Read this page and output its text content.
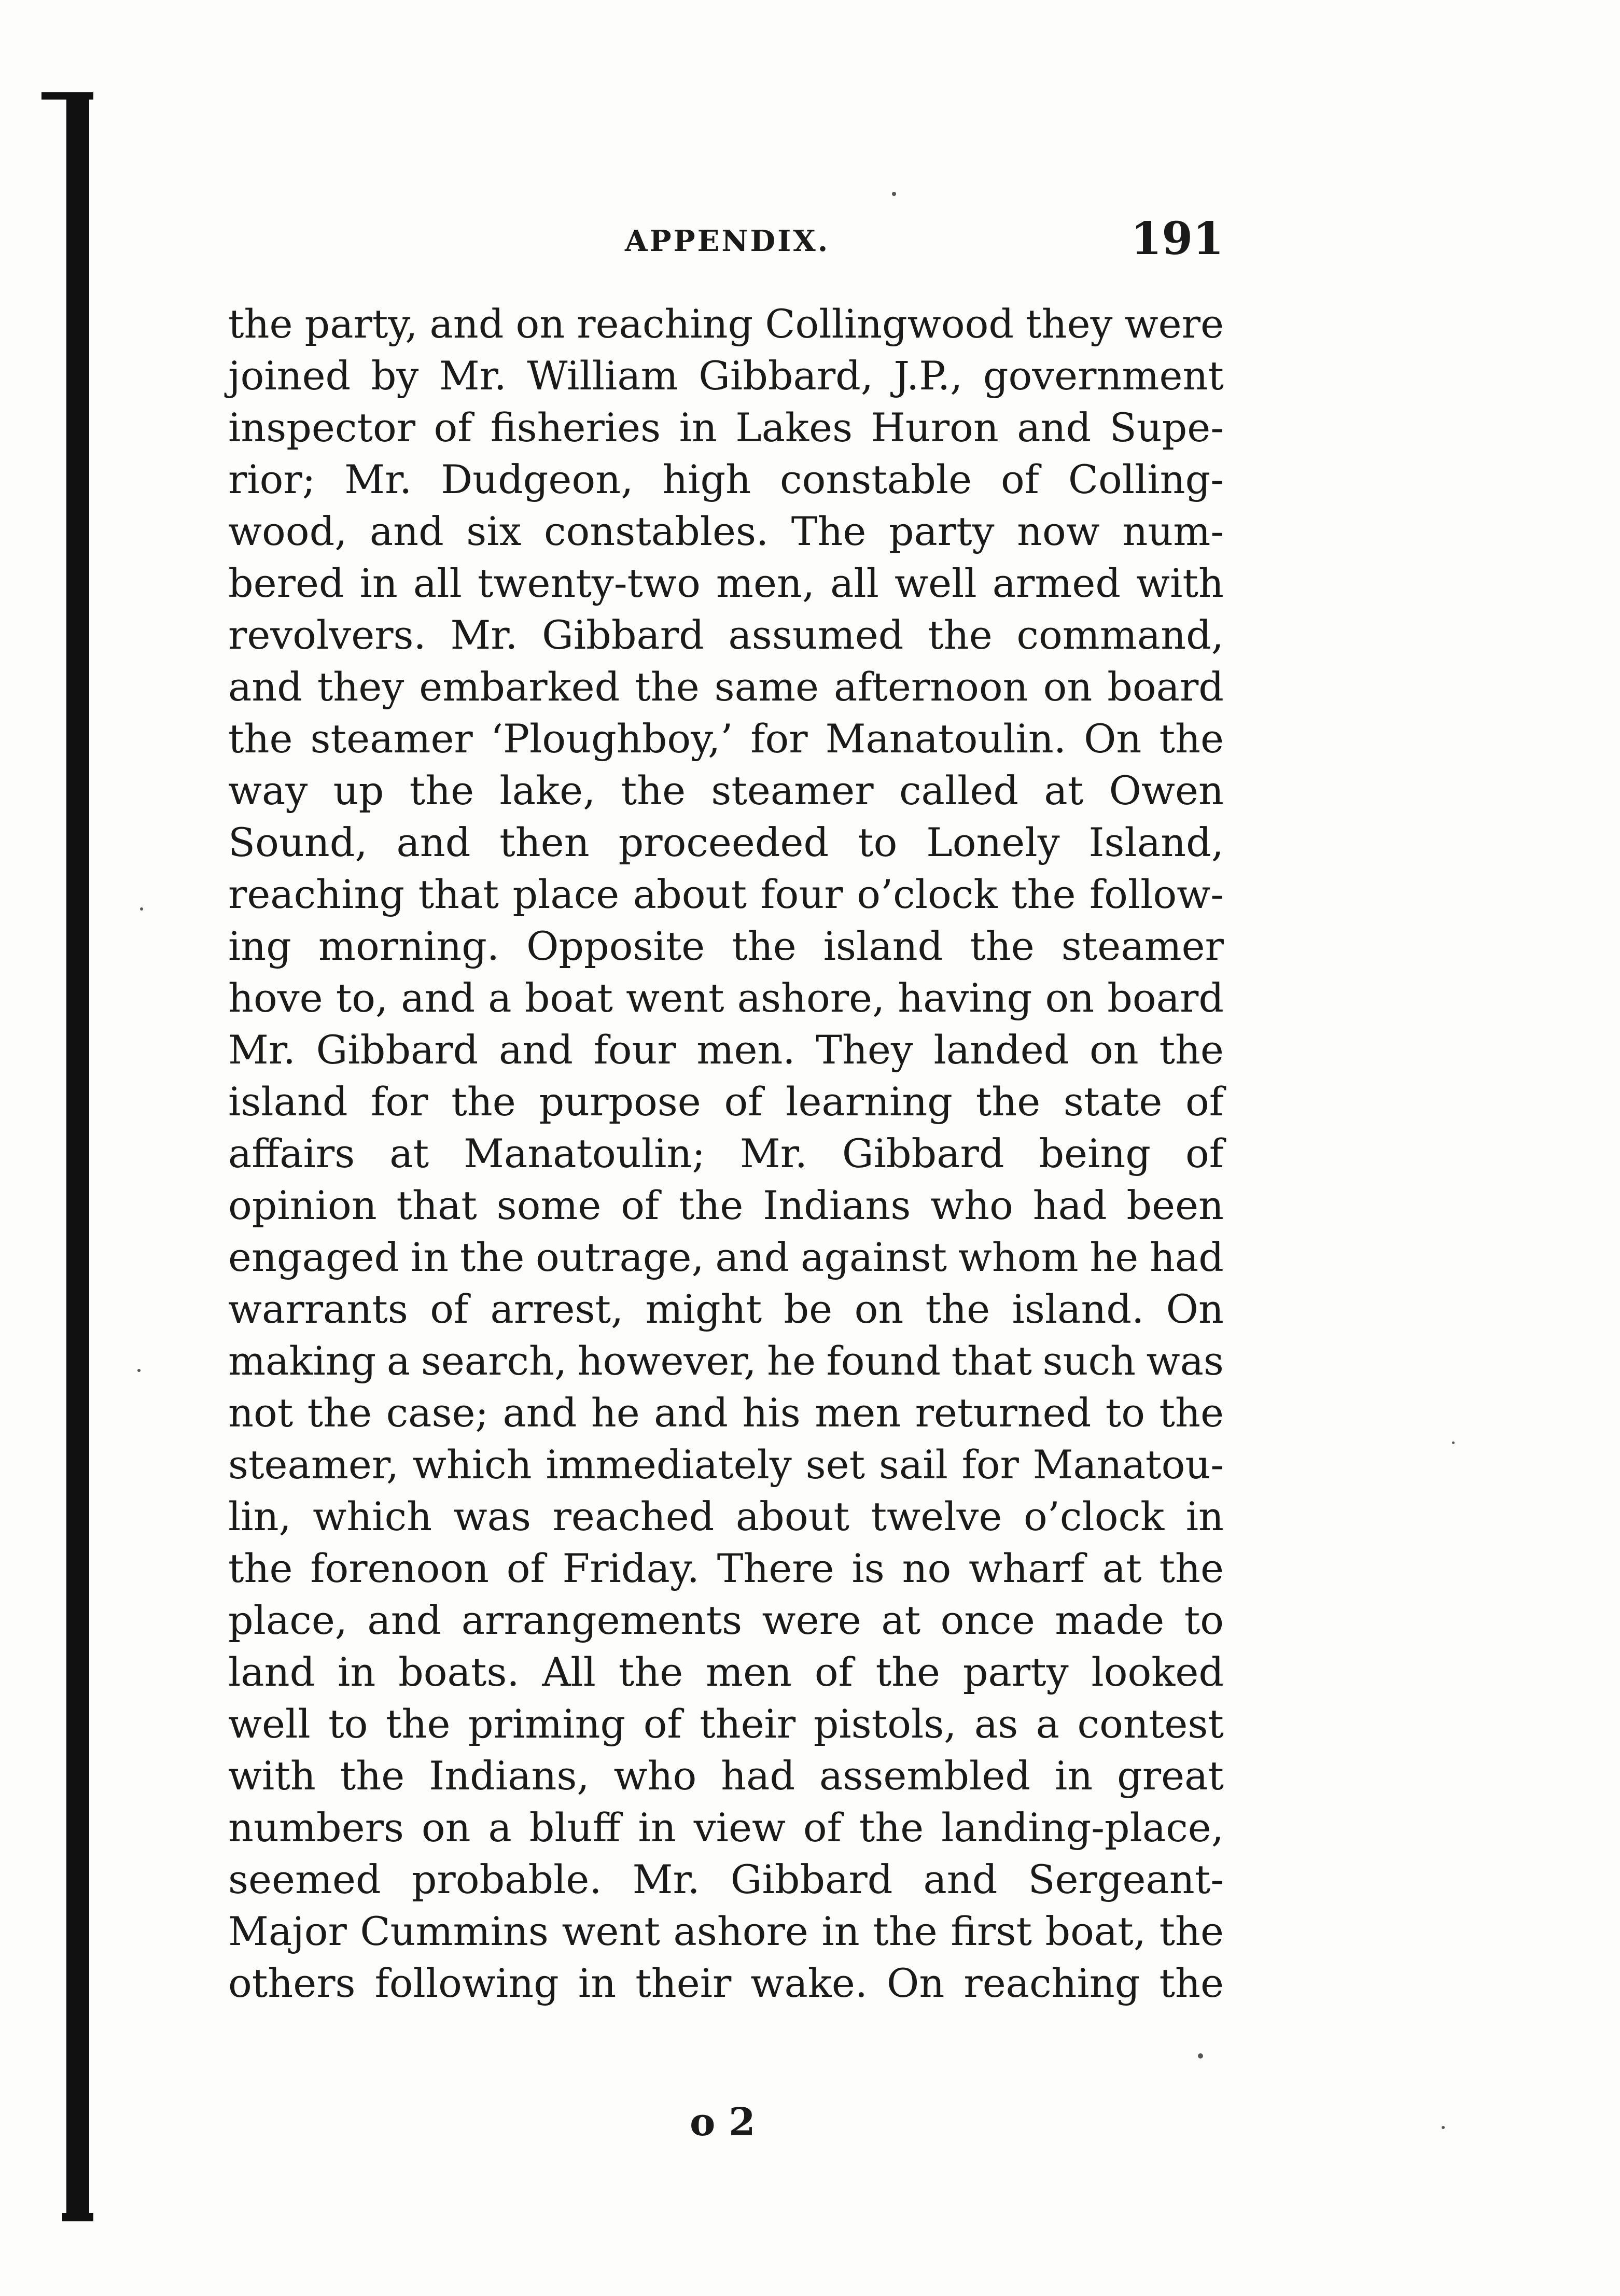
APPENDIX.	191
the party, and on reaching Collingwood they were
joined by Mr. William Gibbard, J.P., government
inspector of fisheries in Lakes Huron and Supe-
rior; Mr. Dudgeon, high constable of Colling-
wood, and six constables. The party now num-
bered in all twenty-two men, all well armed with
revolvers. Mr. Gibbard assumed the command,
and they embarked the same afternoon on board
the steamer ‘Ploughboy,’ for Manatoulin. On the
way up the lake, the steamer called at Owen
Sound, and then proceeded to Lonely Island,
reaching that place about four o’clock the follow-
ing morning. Opposite the island the steamer
hove to, and a boat went ashore, having on board
Mr. Gibbard and four men. They landed on the
island for the purpose of learning the state of
affairs at Manatoulin; Mr. Gibbard being of
opinion that some of the Indians who had been
engaged in the outrage, and against whom he had
warrants of arrest, might be on the island. On
making a search, however, he found that such was
not the case; and he and his men returned to the
steamer, which immediately set sail for Manatou-
lin, which was reached about twelve o’clock in
the forenoon of Friday. There is no wharf at the
place, and arrangements were at once made to
land in boats. All the men of the party looked
well to the priming of their pistols, as a contest
with the Indians, who had assembled in great
numbers on a bluff in view of the landing-place,
seemed probable. Mr. Gibbard and Sergeant-
Major Cummins went ashore in the first boat, the
others following in their wake. On reaching the
o 2
